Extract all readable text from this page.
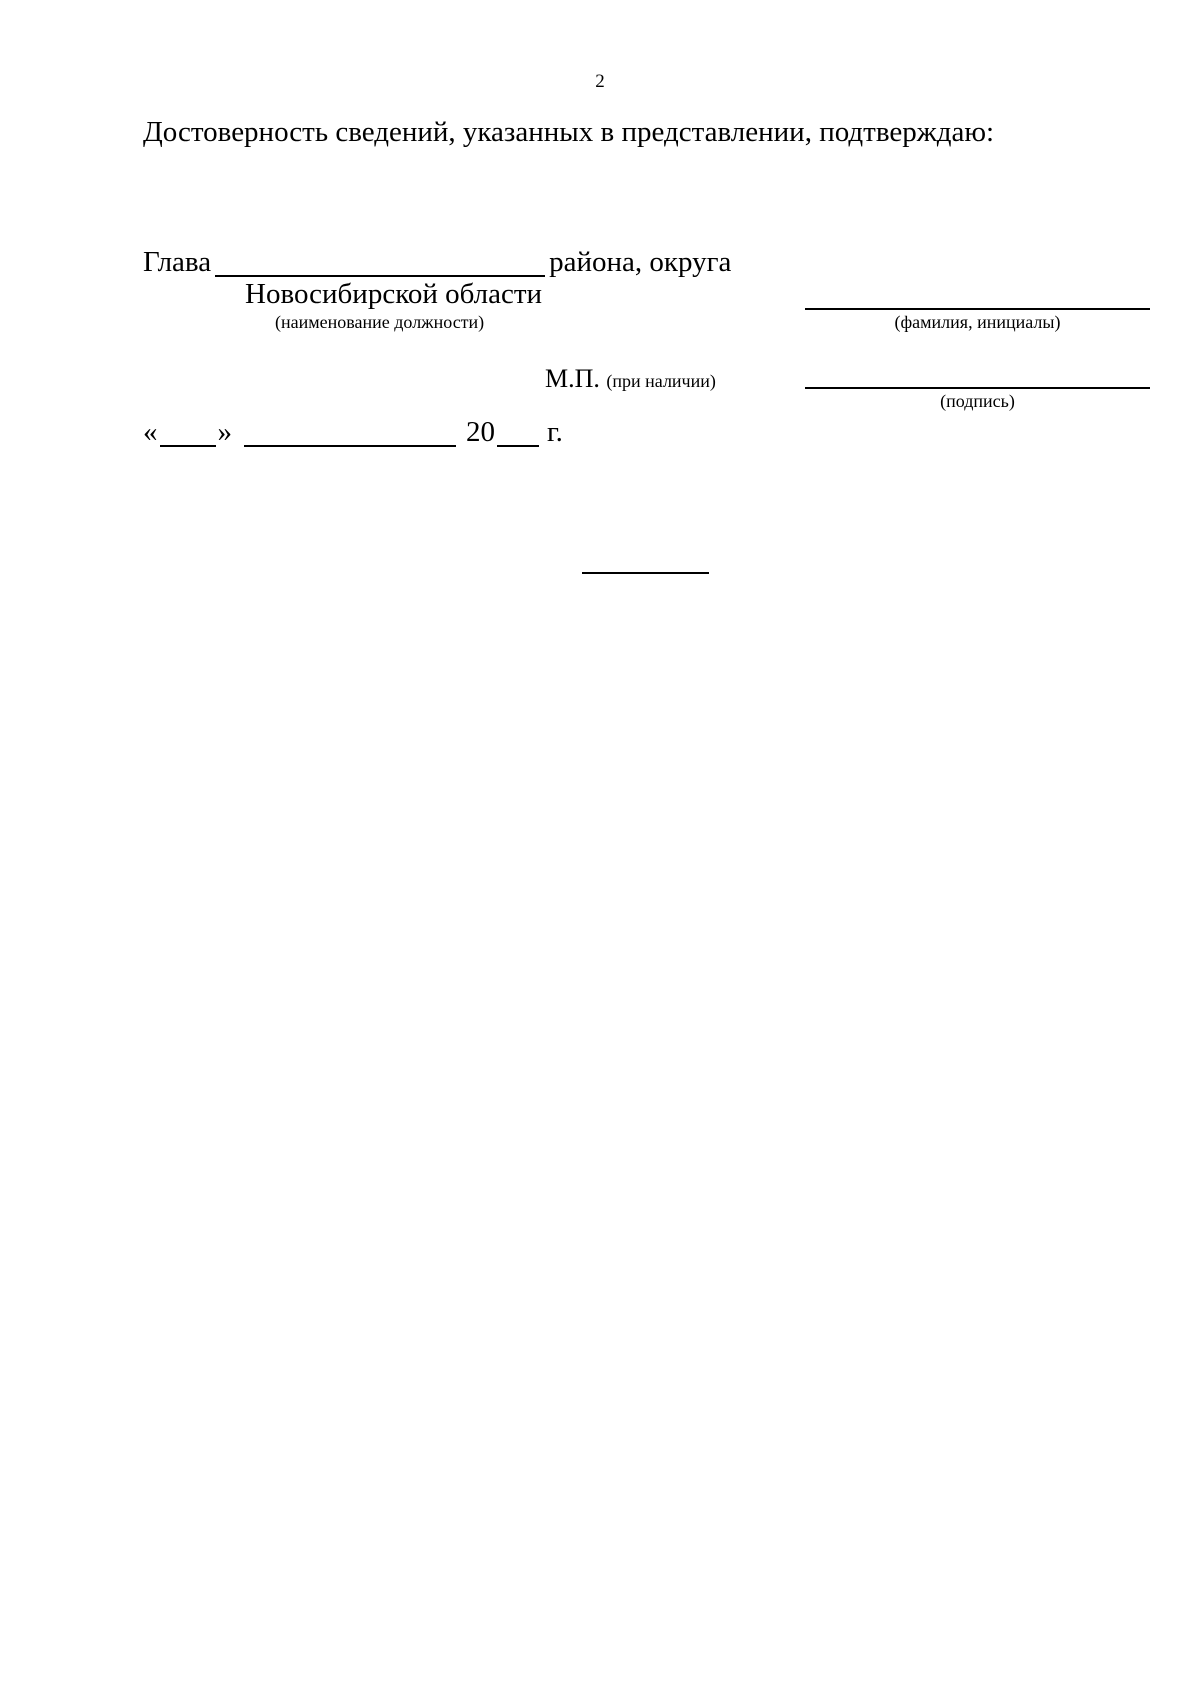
2
Достоверность сведений, указанных в представлении, подтверждаю:
Глава	района, округа
Новосибирской области
(наименование должности)	(фамилия, инициалы)
М.П. (при наличии)
(подпись)
« »	20 г.
